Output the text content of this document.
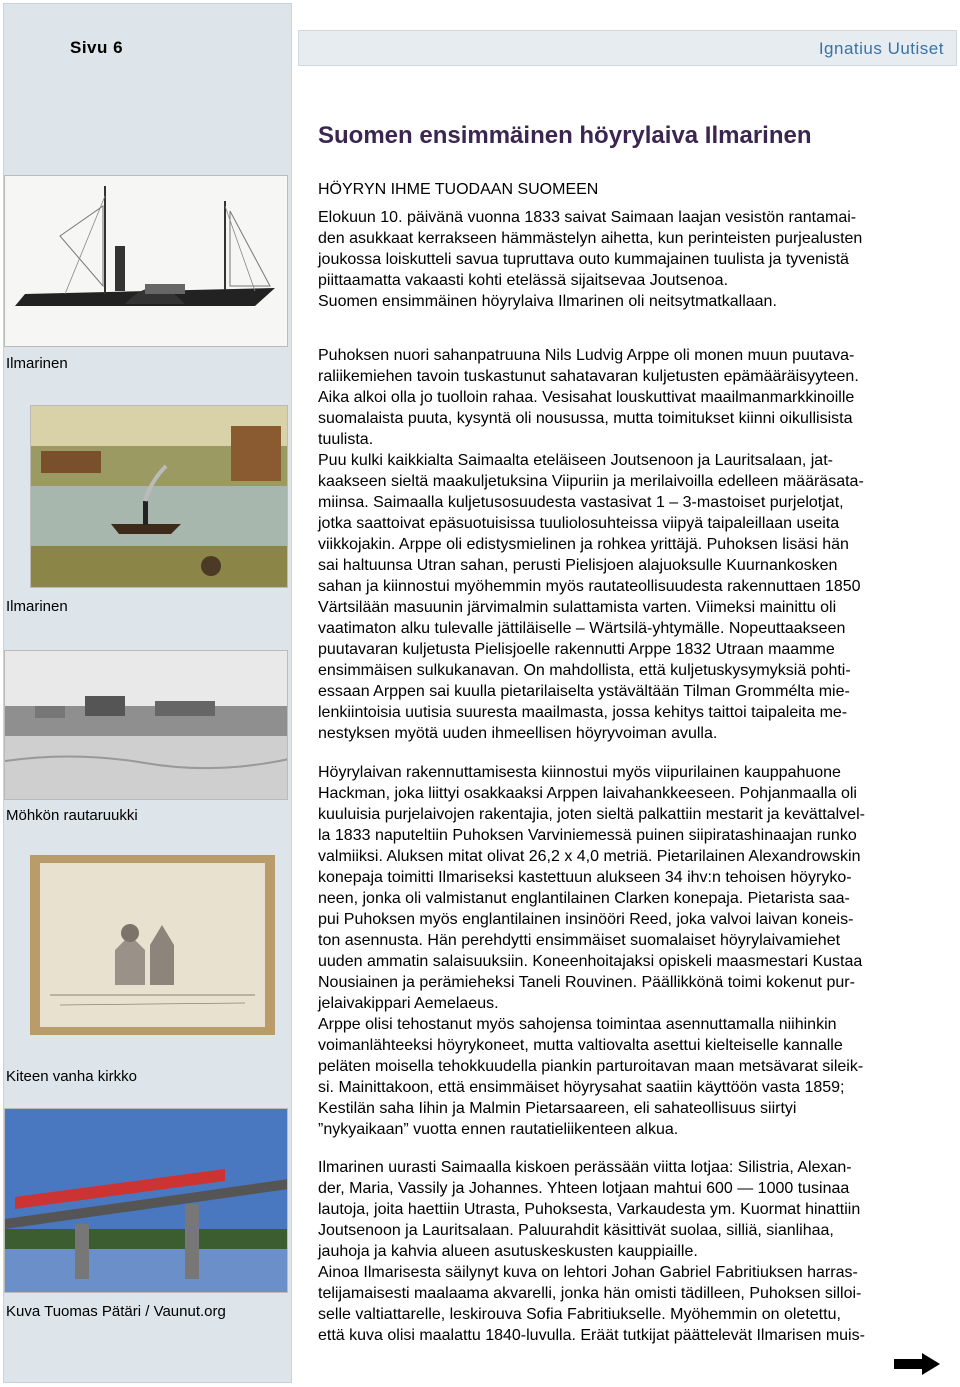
Sivu 6
Ilmarinen
Ilmarinen
Möhkön rautaruukki
Kiteen vanha kirkko
Kuva Tuomas Pätäri / Vaunut.org
Ignatius Uutiset
Suomen ensimmäinen höyrylaiva Ilmarinen
HÖYRYN IHME TUODAAN SUOMEEN
Elokuun 10. päivänä vuonna 1833 saivat Saimaan laajan vesistön rantamai-
den asukkaat kerrakseen hämmästelyn aihetta, kun perinteisten purjealusten
joukossa loiskutteli savua tupruttava outo kummajainen tuulista ja tyvenistä
piittaamatta vakaasti kohti etelässä sijaitsevaa Joutsenoa.
Suomen ensimmäinen höyrylaiva Ilmarinen oli neitsytmatkallaan.
Puhoksen nuori sahanpatruuna Nils Ludvig Arppe oli monen muun puutava-
raliikemiehen tavoin tuskastunut sahatavaran kuljetusten epämääräisyyteen.
Aika alkoi olla jo tuolloin rahaa. Vesisahat louskuttivat maailmanmarkkinoille
suomalaista puuta, kysyntä oli nousussa, mutta toimitukset kiinni oikullisista
tuulista.
Puu kulki kaikkialta Saimaalta eteläiseen Joutsenoon ja Lauritsalaan, jat-
kaakseen sieltä maakuljetuksina Viipuriin ja merilaivoilla edelleen määräsata-
miinsa. Saimaalla kuljetusosuudesta vastasivat 1 – 3-mastoiset purjelotjat,
jotka saattoivat epäsuotuisissa tuuliolosuhteissa viipyä taipaleillaan useita
viikkojakin. Arppe oli edistysmielinen ja rohkea yrittäjä. Puhoksen lisäsi hän
sai haltuunsa Utran sahan, perusti Pielisjoen alajuoksulle Kuurnankosken
sahan ja kiinnostui myöhemmin myös rautateollisuudesta rakennuttaen 1850
Värtsilään masuunin järvimalmin sulattamista varten. Viimeksi mainittu oli
vaatimaton alku tulevalle jättiläiselle – Wärtsilä-yhtymälle. Nopeuttaakseen
puutavaran kuljetusta Pielisjoelle rakennutti Arppe 1832 Utraan maamme
ensimmäisen sulkukanavan. On mahdollista, että kuljetuskysymyksiä pohti-
essaan Arppen sai kuulla pietarilaiselta ystävältään Tilman Grommélta mie-
lenkiintoisia uutisia suuresta maailmasta, jossa kehitys taittoi taipaleita me-
nestyksen myötä uuden ihmeellisen höyryvoiman avulla.
Höyrylaivan rakennuttamisesta kiinnostui myös viipurilainen kauppahuone
Hackman, joka liittyi osakkaaksi Arppen laivahankkeeseen. Pohjanmaalla oli
kuuluisia purjelaivojen rakentajia, joten sieltä palkattiin mestarit ja kevättalvel-
la 1833 naputeltiin Puhoksen Varviniemessä puinen siipiratashinaajan runko
valmiiksi. Aluksen mitat olivat 26,2 x 4,0 metriä. Pietarilainen Alexandrowskin
konepaja toimitti Ilmariseksi kastettuun alukseen 34 ihv:n tehoisen höyryko-
neen, jonka oli valmistanut englantilainen Clarken konepaja. Pietarista saa-
pui Puhoksen myös englantilainen insinööri Reed, joka valvoi laivan koneis-
ton asennusta. Hän perehdytti ensimmäiset suomalaiset höyrylaivamiehet
uuden ammatin salaisuuksiin. Koneenhoitajaksi opiskeli maasmestari Kustaa
Nousiainen ja perämieheksi Taneli Rouvinen. Päällikkönä toimi kokenut pur-
jelaivakippari Aemelaeus.
Arppe olisi tehostanut myös sahojensa toimintaa asennuttamalla niihinkin
voimanlähteeksi höyrykoneet, mutta valtiovalta asettui kielteiselle kannalle
peläten moisella tehokkuudella piankin parturoitavan maan metsävarat sileik-
si. Mainittakoon, että ensimmäiset höyrysahat saatiin käyttöön vasta 1859;
Kestilän saha Iihin ja Malmin Pietarsaareen, eli sahateollisuus siirtyi
”nykyaikaan” vuotta ennen rautatieliikenteen alkua.
Ilmarinen uurasti Saimaalla kiskoen perässään viitta lotjaa: Silistria, Alexan-
der, Maria, Vassily ja Johannes. Yhteen lotjaan mahtui 600 — 1000 tusinaa
lautoja, joita haettiin Utrasta, Puhoksesta, Varkaudesta ym. Kuormat hinattiin
Joutsenoon ja Lauritsalaan. Paluurahdit käsittivät suolaa, silliä, sianlihaa,
jauhoja ja kahvia alueen asutuskeskusten kauppiaille.
Ainoa Ilmarisesta säilynyt kuva on lehtori Johan Gabriel Fabritiuksen harras-
telijamaisesti maalaama akvarelli, jonka hän omisti tädilleen, Puhoksen silloi-
selle valtiattarelle, leskirouva Sofia Fabritiukselle. Myöhemmin on oletettu,
että kuva olisi maalattu 1840-luvulla. Eräät tutkijat päättelevät Ilmarisen muis-
